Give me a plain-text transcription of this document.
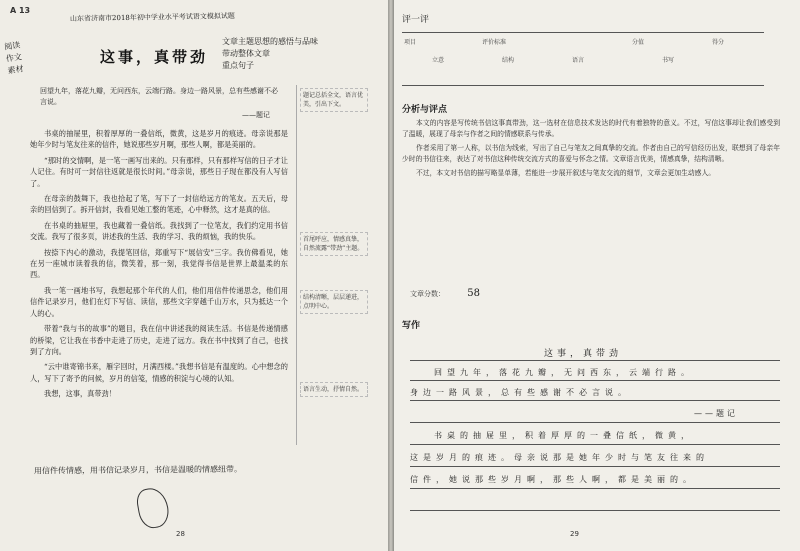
A 13
山东省济南市2018年初中学业水平考试语文模拟试题
阅读作文素材
这事，真带劲
文章主题思想的感悟与品味
带动整体文章
重点句子
回望九年，落花九瓣，无问西东，云端行路。身边一路风景，总有些感谢不必言说。
——题记

书桌的抽屉里，积着厚厚的一叠信纸，微黄，这是岁月的痕迹。母亲说那是她年少时与笔友往来的信件，她说那些岁月啊，那些人啊，都是美丽的。

“那时的交情啊，是一笔一画写出来的。只有那样，只有那样写信的日子才让人记住。有时可一封信往返就是很长时间。”母亲说，那些日子现在都没有人写信了。

在母亲的鼓舞下，我也拾起了笔，写下了一封信给远方的笔友。五天后，母亲的回信到了。拆开信封，我看见她工整的笔迹，心中释然，这才是真的信。

在书桌的抽屉里，我也藏着一叠信纸。我找到了一位笔友，我们约定用书信交流。我写了很多页，讲述我的生活、我的学习、我的烦恼，我的快乐。

按捺下内心的激动，我提笔回信，郑重写下“展信安”三字。我仿佛看见，她在另一座城市读着我的信，微笑着，那一刻，我觉得书信是世界上最温柔的东西。

我一笔一画地书写，我想起那个年代的人们，他们用信件传递思念，他们用信件记录岁月，他们在灯下写信、读信，那些文字穿越千山万水，只为抵达一个人的心。

带着“我与书的故事”的题目，我在信中讲述我的阅读生活。书信是传递情感的桥梁，它让我在书香中走进了历史，走进了远方。我在书中找到了自己，也找到了方向。

“云中谁寄锦书来，雁字回时，月满西楼。”我想书信是有温度的。心中想念的人，写下了寄予的问候，岁月的信笺，情感的积淀与心境的认知。

我想，这事，真带劲！

题记总括全文，语言优美，引出下文。
首尾呼应，情感真挚，自然流露“带劲”主题。
结构清晰，层层递进，点明中心。
语言生动，抒情自然。
用信件传情感，用书信记录岁月，书信是温暖的情感纽带。
28
评一评
项目	评价标准	分值	得分
立意	结构	语言	书写
分析与评点

本文的内容是写传统书信这事真带劲，这一选材在信息技术发达的时代有着独特的意义。不过，写信这事却让我们感受到了温暖，展现了母亲与作者之间的情感联系与传承。

作者采用了第一人称，以书信为线索，写出了自己与笔友之间真挚的交流。作者由自己的写信经历出发，联想到了母亲年少时的书信往来，表达了对书信这种传统交流方式的喜爱与怀念之情。文章语言优美，情感真挚，结构清晰。

不过，本文对书信的描写略显单薄，若能进一步展开叙述与笔友交流的细节，文章会更加生动感人。

文章分数： 58
写作
这事，真带劲
回望九年，落花九瓣，无问西东，云端行路。
身边一路风景，总有些感谢不必言说。
——题记
书桌的抽屉里，积着厚厚的一叠信纸，微黄，
这是岁月的痕迹。母亲说那是她年少时与笔友往来的
信件，她说那些岁月啊，那些人啊，都是美丽的。
29
